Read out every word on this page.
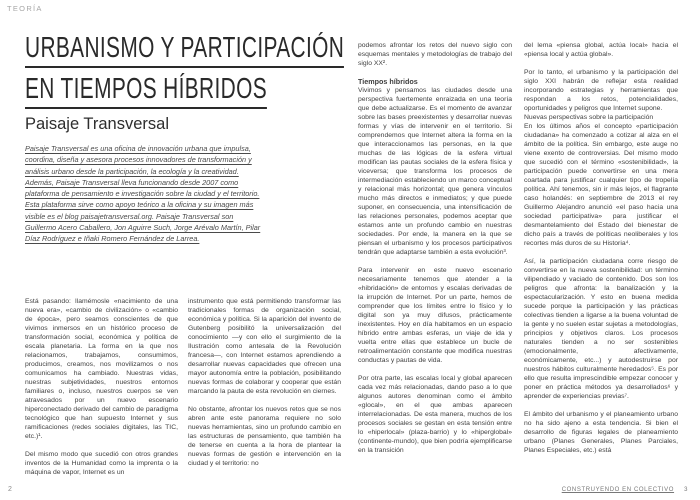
TEORÍA
URBANISMO Y PARTICIPACIÓN
EN TIEMPOS HÍBRIDOS
Paisaje Transversal

Paisaje Transversal es una oficina de innovación urbana que impulsa, coordina, diseña y asesora procesos innovadores de transformación y análisis urbano desde la participación, la ecología y la creatividad. Además, Paisaje Transversal lleva funcionando desde 2007 como plataforma de pensamiento e investigación sobre la ciudad y el territorio. Esta plataforma sirve como apoyo teórico a la oficina y su imagen más visible es el blog paisajetransversal.org. Paisaje Transversal son Guillermo Acero Caballero, Jon Aguirre Such, Jorge Arévalo Martín, Pilar Díaz Rodríguez e Iñaki Romero Fernández de Larrea.

Está pasando: llamémosle «nacimiento de una nueva era», «cambio de civilización» o «cambio de época», pero seamos conscientes de que vivimos inmersos en un histórico proceso de transformación social, económica y política de escala planetaria. La forma en la que nos relacionamos, trabajamos, consumimos, producimos, creamos, nos movilizamos o nos comunicamos ha cambiado. Nuestras vidas, nuestras subjetividades, nuestros entornos familiares o, incluso, nuestros cuerpos se ven atravesados por un nuevo escenario hiperconectado derivado del cambio de paradigma tecnológico que han supuesto Internet y sus ramificaciones (redes sociales digitales, las TIC, etc.)¹.

Del mismo modo que sucedió con otros grandes inventos de la Humanidad como la imprenta o la máquina de vapor, Internet es un

instrumento que está permitiendo transformar las tradicionales formas de organización social, económica y política. Si la aparición del invento de Gutenberg posibilitó la universalización del conocimiento —y con ello el surgimiento de la Ilustración como antesala de la Revolución francesa—, con Internet estamos aprendiendo a desarrollar nuevas capacidades que ofrecen una mayor autonomía entre la población, posibilitando nuevas formas de colaborar y cooperar que están marcando la pauta de esta revolución en ciernes.

No obstante, afrontar los nuevos retos que se nos abren ante este panorama requiere no solo nuevas herramientas, sino un profundo cambio en las estructuras de pensamiento, que también ha de tenerse en cuenta a la hora de plantear la nuevas formas de gestión e intervención en la ciudad y el territorio: no

podemos afrontar los retos del nuevo siglo con esquemas mentales y metodologías de trabajo del siglo XX².

Tiempos híbridos

Vivimos y pensamos las ciudades desde una perspectiva fuertemente enraizada en una teoría que debe actualizarse. Es el momento de avanzar sobre las bases preexistentes y desarrollar nuevas formas y vías de intervenir en el territorio. Si comprendemos que Internet altera la forma en la que interaccionamos las personas, en la que muchas de las lógicas de la esfera virtual modifican las pautas sociales de la esfera física y viceversa; que transforma los procesos de intermediación estableciendo un marco conceptual y relacional más horizontal; que genera vínculos mucho más directos e inmediatos; y que puede suponer, en consecuencia, una intensificación de las relaciones personales, podemos aceptar que estamos ante un profundo cambio en nuestras sociedades. Por ende, la manera en la que se piensan el urbanismo y los procesos participativos tendrán que adaptarse también a esta evolución³.

Para intervenir en este nuevo escenario necesariamente tenemos que atender a la «hibridación» de entornos y escalas derivadas de la irrupción de Internet. Por un parte, hemos de comprender que los límites entre lo físico y lo digital son ya muy difusos, prácticamente inexistentes. Hoy en día habitamos en un espacio híbrido entre ambas esferas, un viaje de ida y vuelta entre ellas que establece un bucle de retroalimentación constante que modifica nuestras conductas y pautas de vida.

Por otra parte, las escalas local y global aparecen cada vez más relacionadas, dando paso a lo que algunos autores denominan como el ámbito «glocal», en el que ambas aparecen interrelacionadas. De esta manera, muchos de los procesos sociales se gestan en esta tensión entre lo «hiperlocal» (plaza-barrio) y lo «hiperglobal» (continente-mundo), que bien podría ejemplificarse en la transición

del lema «piensa global, actúa local» hacia el «piensa local y actúa global».

Por lo tanto, el urbanismo y la participación del siglo XXI habrán de reflejar esta realidad incorporando estrategias y herramientas que respondan a los retos, potencialidades, oportunidades y peligros que Internet supone.

Nuevas perspectivas sobre la participación

En los últimos años el concepto «participación ciudadana» ha comenzado a cotizar al alza en el ámbito de la política. Sin embargo, este auge no viene exento de controversias. Del mismo modo que sucedió con el término «sostenibilidad», la participación puede convertirse en una mera coartada para justificar cualquier tipo de tropelía política. Ahí tenemos, sin ir más lejos, el flagrante caso holandés: en septiembre de 2013 el rey Guillermo Alejandro anunció «el paso hacia una sociedad participativa» para justificar el desmantelamiento del Estado del bienestar de dicho país a través de políticas neoliberales y los recortes más duros de su Historia⁴.

Así, la participación ciudadana corre riesgo de convertirse en la nueva sostenibilidad: un término vilipendiado y vaciado de contenido. Dos son los peligros que afronta: la banalización y la espectacularización. Y esto en buena medida sucede porque la participación y las prácticas colectivas tienden a ligarse a la buena voluntad de la gente y no suelen estar sujetas a metodologías, principios y objetivos claros. Los procesos naturales tienden a no ser sostenibles (emocionalmente, afectivamente, económicamente, etc...) y autodestruirse por nuestros hábitos culturalmente heredados⁵. Es por ello que resulta imprescindible empezar conocer y poner en práctica métodos ya desarrollados⁶ y aprender de experiencias previas⁷.

El ámbito del urbanismo y el planeamiento urbano no ha sido ajeno a esta tendencia. Si bien el desarrollo de figuras legales de planeamiento urbano (Planes Generales, Planes Parciales, Planes Especiales, etc.) está

2	CONSTRUYENDO EN COLECTIVO 3
